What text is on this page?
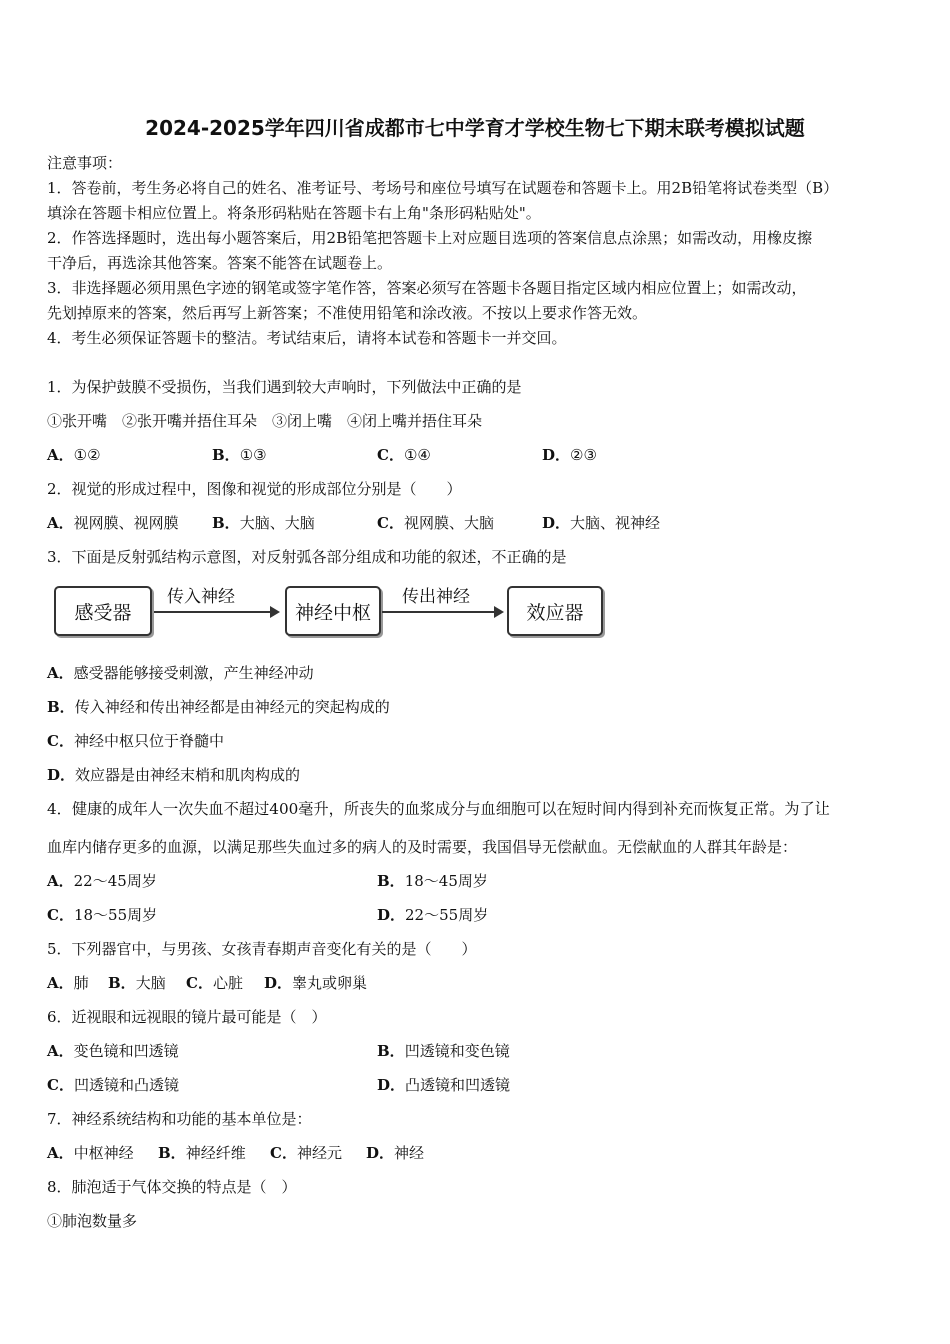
2024-2025学年四川省成都市七中学育才学校生物七下期末联考模拟试题
注意事项：
1．答卷前，考生务必将自己的姓名、准考证号、考场号和座位号填写在试题卷和答题卡上。用2B铅笔将试卷类型（B）
填涂在答题卡相应位置上。将条形码粘贴在答题卡右上角"条形码粘贴处"。
2．作答选择题时，选出每小题答案后，用2B铅笔把答题卡上对应题目选项的答案信息点涂黑；如需改动，用橡皮擦
干净后，再选涂其他答案。答案不能答在试题卷上。
3．非选择题必须用黑色字迹的钢笔或签字笔作答，答案必须写在答题卡各题目指定区域内相应位置上；如需改动，
先划掉原来的答案，然后再写上新答案；不准使用铅笔和涂改液。不按以上要求作答无效。
4．考生必须保证答题卡的整洁。考试结束后，请将本试卷和答题卡一并交回。
1．为保护鼓膜不受损伤，当我们遇到较大声响时，下列做法中正确的是
①张开嘴　②张开嘴并捂住耳朵　③闭上嘴　④闭上嘴并捂住耳朵
A．①②	B．①③	C．①④	D．②③
2．视觉的形成过程中，图像和视觉的形成部位分别是（　　）
A．视网膜、视网膜 B．大脑、大脑	C．视网膜、大脑	D．大脑、视神经
3．下面是反射弧结构示意图，对反射弧各部分组成和功能的叙述，不正确的是
感受器
传入神经
神经中枢
传出神经
效应器
A．感受器能够接受刺激，产生神经冲动
B．传入神经和传出神经都是由神经元的突起构成的
C．神经中枢只位于脊髓中
D．效应器是由神经末梢和肌肉构成的
4．健康的成年人一次失血不超过400毫升，所丧失的血浆成分与血细胞可以在短时间内得到补充而恢复正常。为了让
血库内储存更多的血源，以满足那些失血过多的病人的及时需要，我国倡导无偿献血。无偿献血的人群其年龄是：
A．22～45周岁	B．18～45周岁
C．18～55周岁	D．22～55周岁
5．下列器官中，与男孩、女孩青春期声音变化有关的是（　　）
A．肺 B．大脑 C．心脏 D．睾丸或卵巢
6．近视眼和远视眼的镜片最可能是（　）
A．变色镜和凹透镜	B．凹透镜和变色镜
C．凹透镜和凸透镜	D．凸透镜和凹透镜
7．神经系统结构和功能的基本单位是：
A．中枢神经 B．神经纤维 C．神经元 D．神经
8．肺泡适于气体交换的特点是（　）
①肺泡数量多
